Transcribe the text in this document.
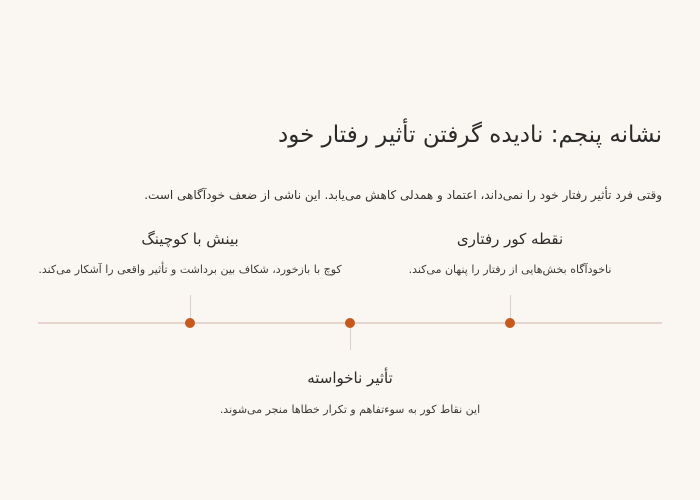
نشانه پنجم: نادیده گرفتن تأثیر رفتار خود
وقتی فرد تأثیر رفتار خود را نمی‌داند، اعتماد و همدلی کاهش می‌یابد. این ناشی از ضعف خودآگاهی است.
نقطه کور رفتاری
ناخودآگاه بخش‌هایی از رفتار را پنهان می‌کند.
تأثیر ناخواسته
این نقاط کور به سوءتفاهم و تکرار خطاها منجر می‌شوند.
بینش با کوچینگ
کوچ با بازخورد، شکاف بین برداشت و تأثیر واقعی را آشکار می‌کند.
